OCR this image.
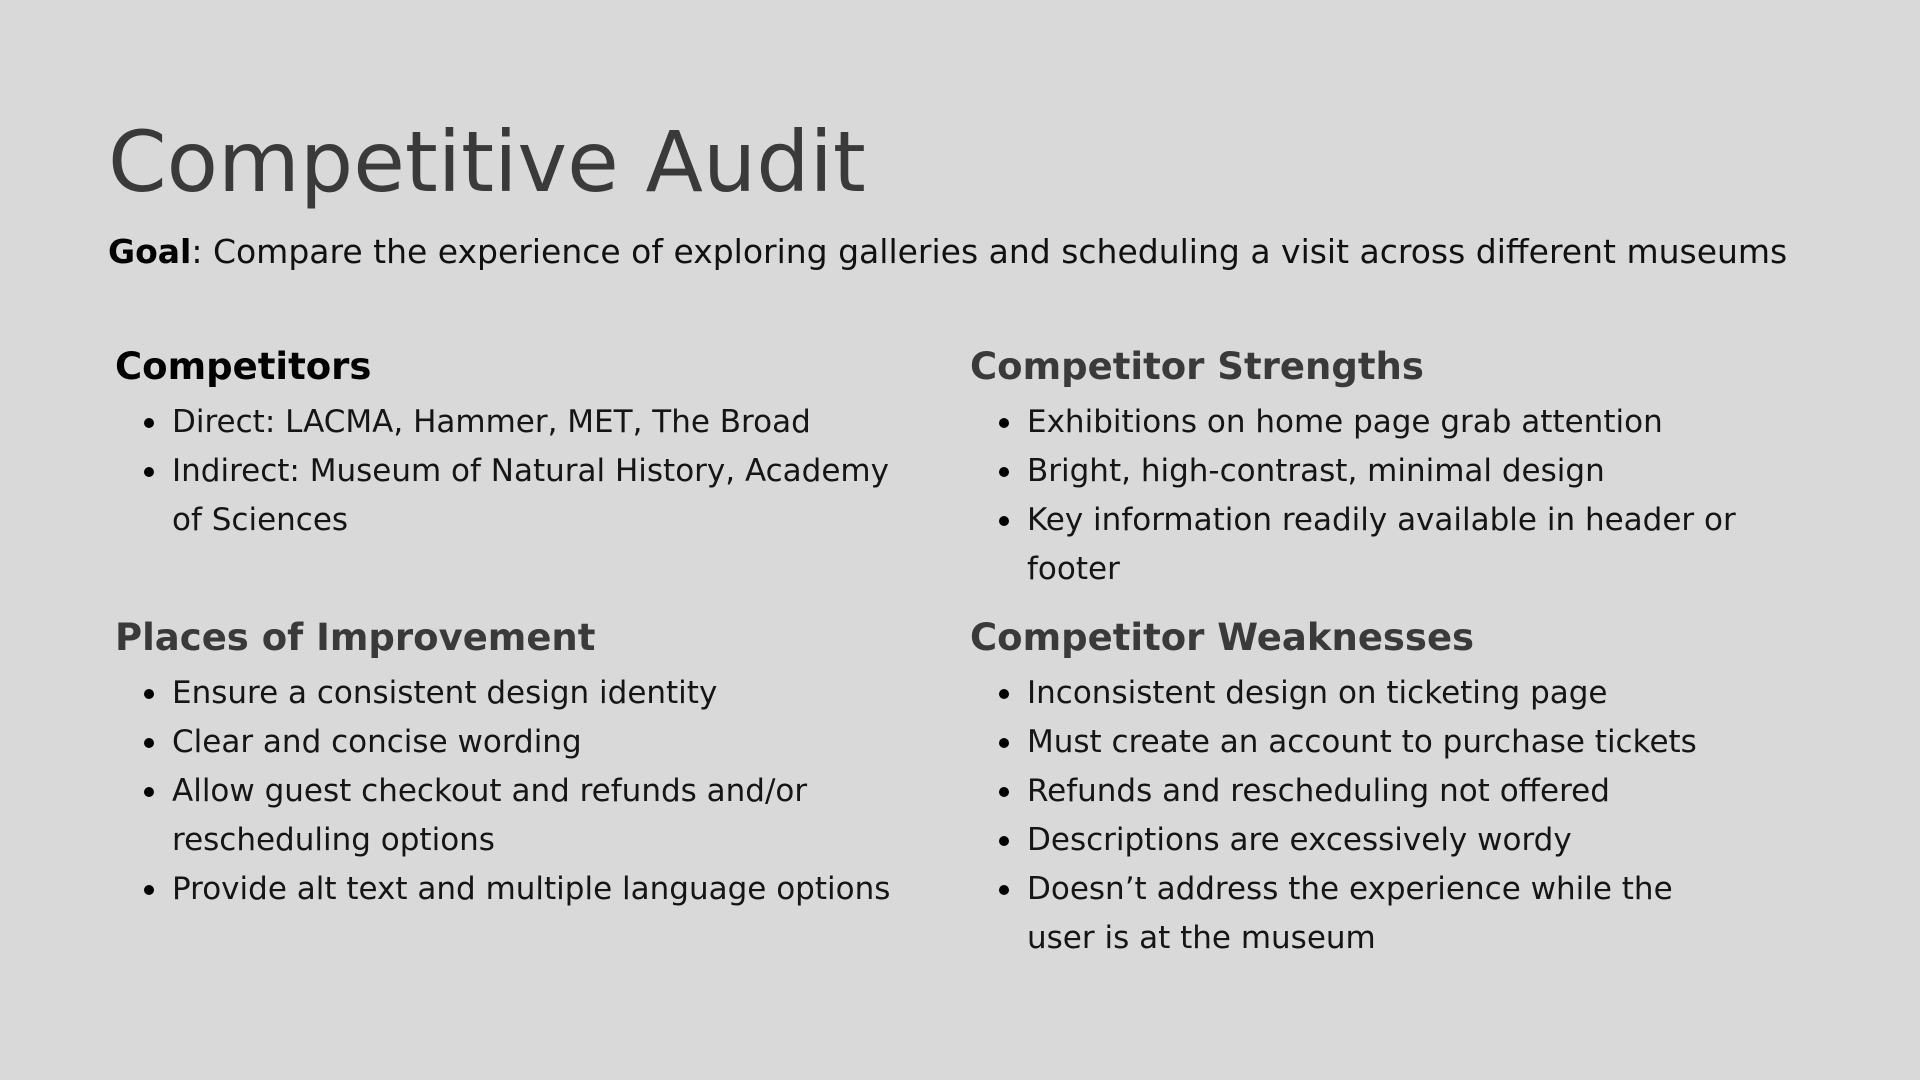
Competitive Audit

Goal: Compare the experience of exploring galleries and scheduling a visit across different museums

Competitors
Direct: LACMA, Hammer, MET, The Broad
Indirect: Museum of Natural History, Academy of Sciences
Competitor Strengths
Exhibitions on home page grab attention
Bright, high-contrast, minimal design
Key information readily available in header or footer
Places of Improvement
Ensure a consistent design identity
Clear and concise wording
Allow guest checkout and refunds and/or rescheduling options
Provide alt text and multiple language options
Competitor Weaknesses
Inconsistent design on ticketing page
Must create an account to purchase tickets
Refunds and rescheduling not offered
Descriptions are excessively wordy
Doesn’t address the experience while the user is at the museum
